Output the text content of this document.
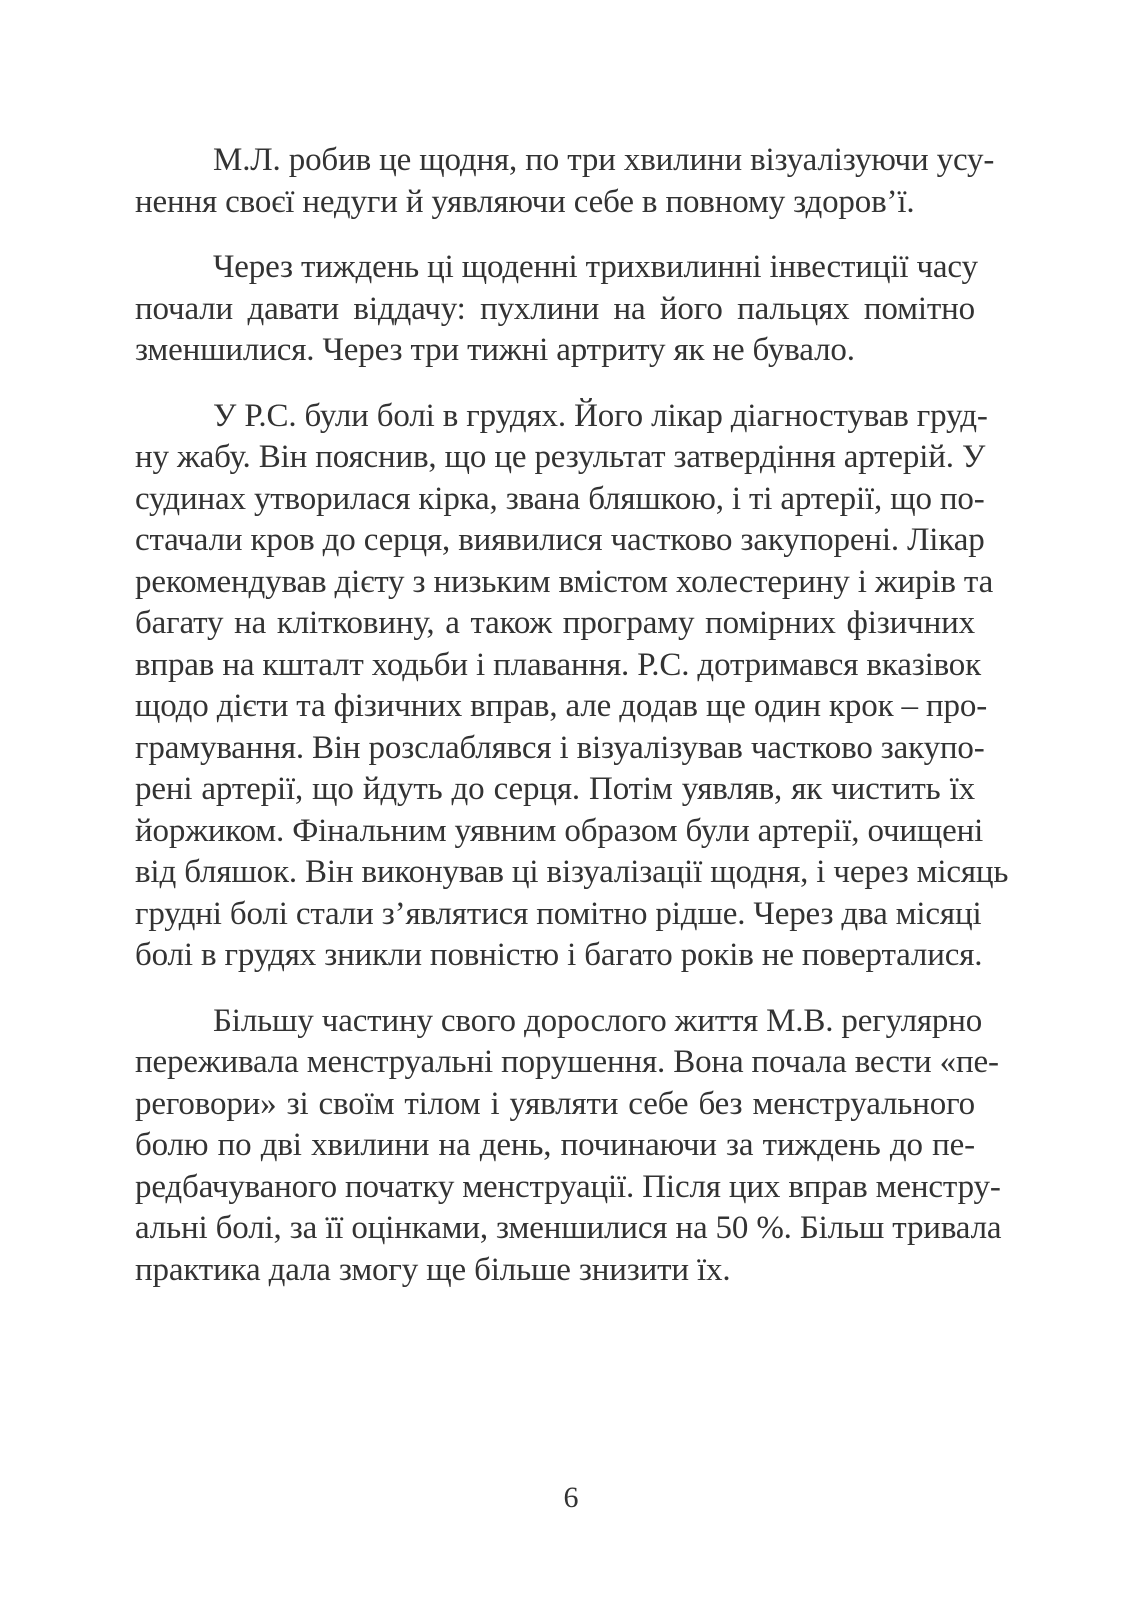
М.Л. робив це щодня, по три хвилини візуалізуючи усу-
нення своєї недуги й уявляючи себе в повному здоров’ї.

Через тиждень ці щоденні трихвилинні інвестиції часу
почали давати віддачу: пухлини на його пальцях помітно
зменшилися. Через три тижні артриту як не бувало.

У Р.С. були болі в грудях. Його лікар діагностував груд-
ну жабу. Він пояснив, що це результат затвердіння артерій. У
судинах утворилася кірка, звана бляшкою, і ті артерії, що по-
стачали кров до серця, виявилися частково закупорені. Лікар
рекомендував дієту з низьким вмістом холестерину і жирів та
багату на клітковину, а також програму помірних фізичних
вправ на кшталт ходьби і плавання. Р.С. дотримався вказівок
щодо дієти та фізичних вправ, але додав ще один крок – про-
грамування. Він розслаблявся і візуалізував частково закупо-
рені артерії, що йдуть до серця. Потім уявляв, як чистить їх
йоржиком. Фінальним уявним образом були артерії, очищені
від бляшок. Він виконував ці візуалізації щодня, і через місяць
грудні болі стали з’являтися помітно рідше. Через два місяці
болі в грудях зникли повністю і багато років не поверталися.

Більшу частину свого дорослого життя М.В. регулярно
переживала менструальні порушення. Вона почала вести «пе-
реговори» зі своїм тілом і уявляти себе без менструального
болю по дві хвилини на день, починаючи за тиждень до пе-
редбачуваного початку менструації. Після цих вправ менстру-
альні болі, за її оцінками, зменшилися на 50 %. Більш тривала
практика дала змогу ще більше знизити їх.

6
